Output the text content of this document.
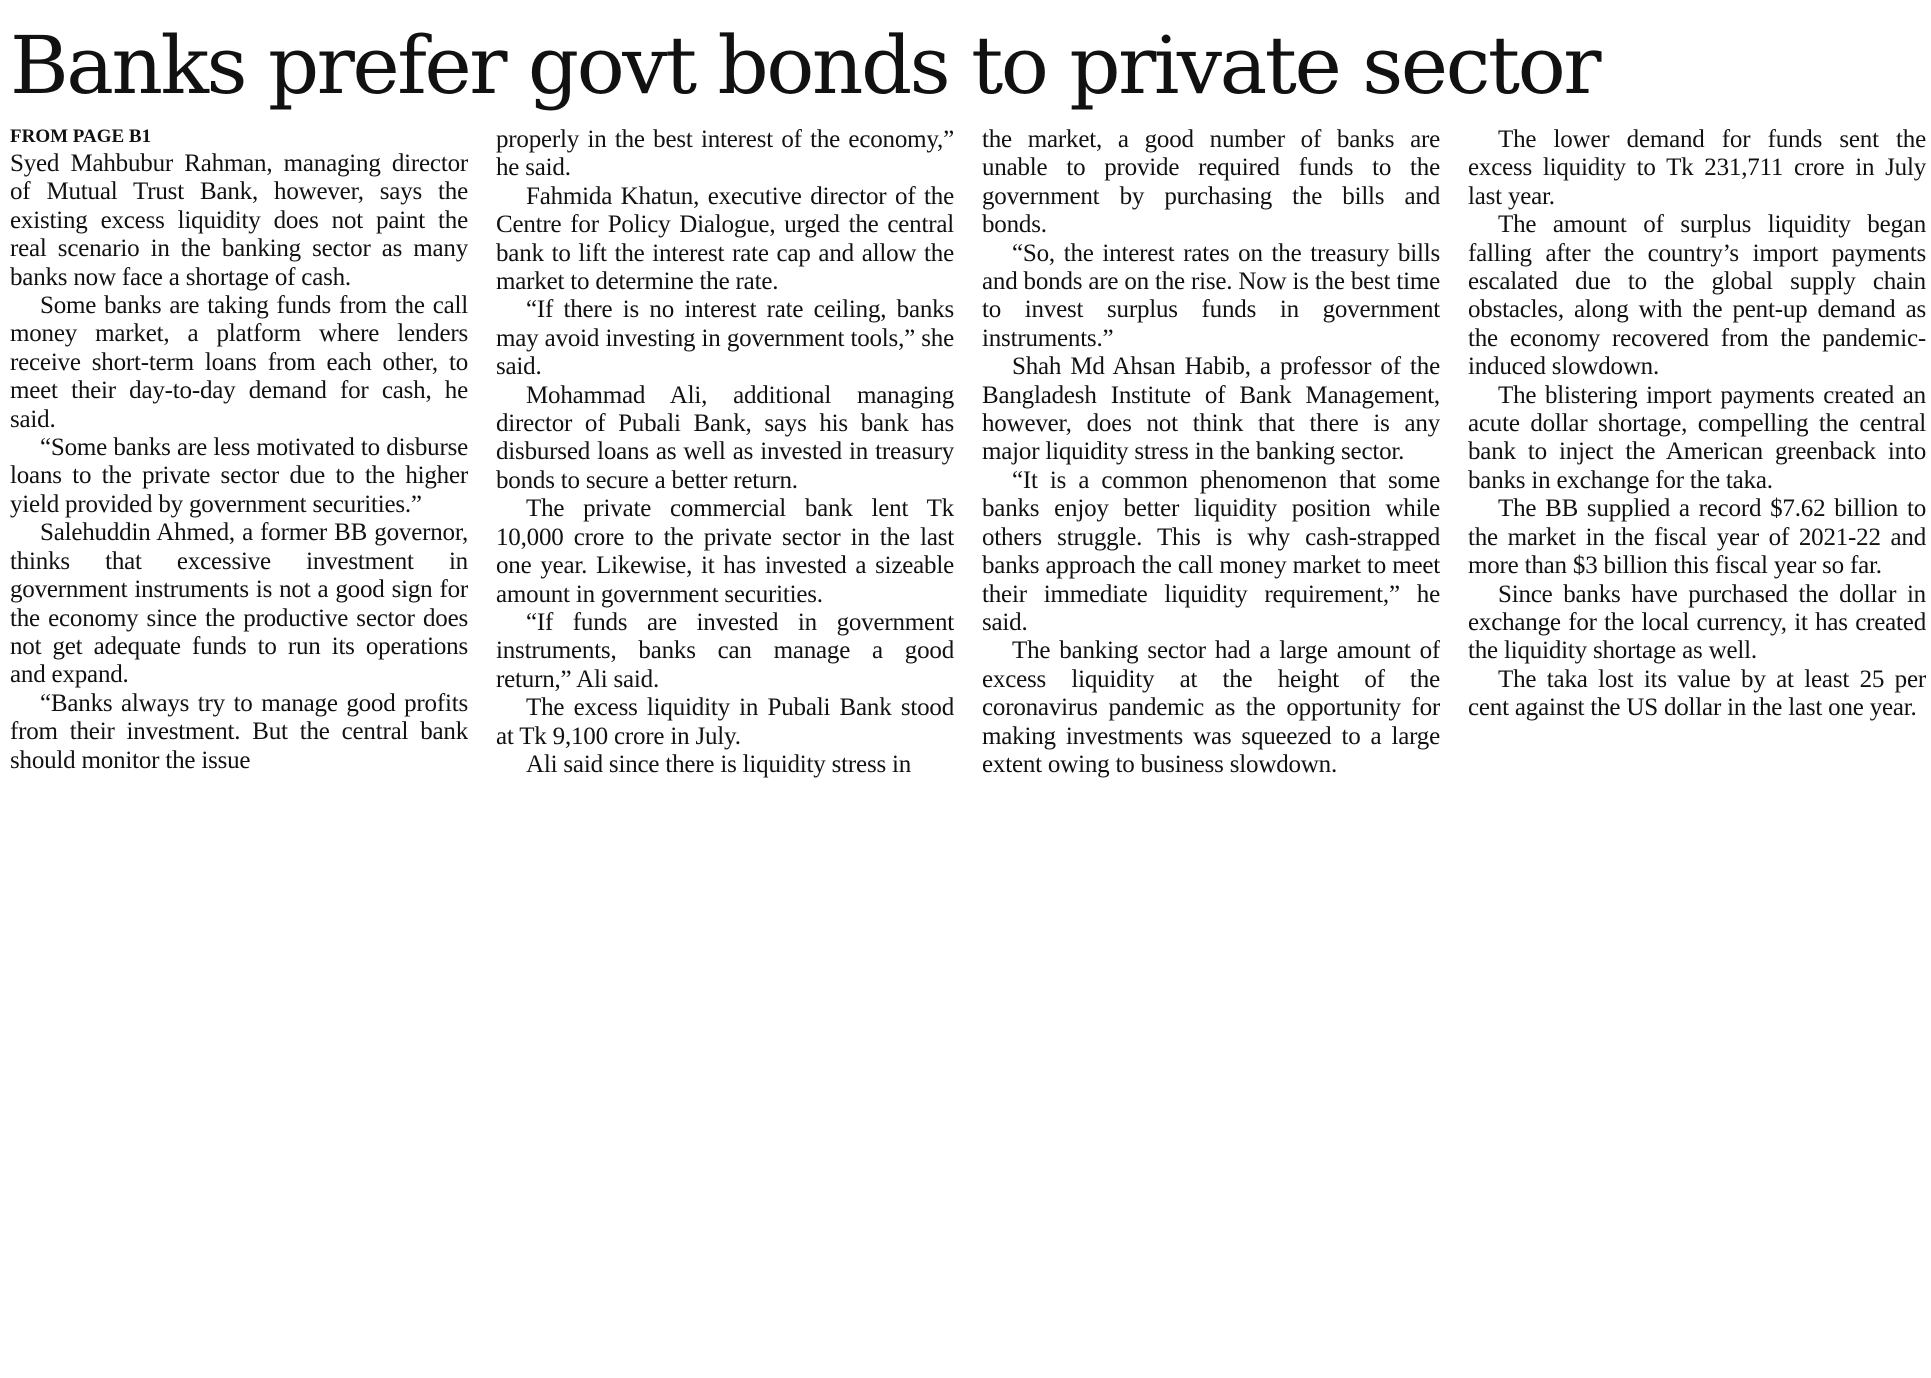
Banks prefer govt bonds to private sector
FROM PAGE B1

Syed Mahbubur Rahman, managing director of Mutual Trust Bank, however, says the existing excess liquidity does not paint the real scenario in the banking sector as many banks now face a shortage of cash.

Some banks are taking funds from the call money market, a platform where lenders receive short-term loans from each other, to meet their day-to-day demand for cash, he said.

“Some banks are less motivated to disburse loans to the private sector due to the higher yield provided by government securities.”

Salehuddin Ahmed, a former BB governor, thinks that excessive investment in government instruments is not a good sign for the economy since the productive sector does not get adequate funds to run its operations and expand.

“Banks always try to manage good profits from their investment. But the central bank should monitor the issue

properly in the best interest of the economy,” he said.

Fahmida Khatun, executive director of the Centre for Policy Dialogue, urged the central bank to lift the interest rate cap and allow the market to determine the rate.

“If there is no interest rate ceiling, banks may avoid investing in government tools,” she said.

Mohammad Ali, additional managing director of Pubali Bank, says his bank has disbursed loans as well as invested in treasury bonds to secure a better return.

The private commercial bank lent Tk 10,000 crore to the private sector in the last one year. Likewise, it has invested a sizeable amount in government securities.

“If funds are invested in government instruments, banks can manage a good return,” Ali said.

The excess liquidity in Pubali Bank stood at Tk 9,100 crore in July.

Ali said since there is liquidity stress in

the market, a good number of banks are unable to provide required funds to the government by purchasing the bills and bonds.

“So, the interest rates on the treasury bills and bonds are on the rise. Now is the best time to invest surplus funds in government instruments.”

Shah Md Ahsan Habib, a professor of the Bangladesh Institute of Bank Management, however, does not think that there is any major liquidity stress in the banking sector.

“It is a common phenomenon that some banks enjoy better liquidity position while others struggle. This is why cash-strapped banks approach the call money market to meet their immediate liquidity requirement,” he said.

The banking sector had a large amount of excess liquidity at the height of the coronavirus pandemic as the opportunity for making investments was squeezed to a large extent owing to business slowdown.

The lower demand for funds sent the excess liquidity to Tk 231,711 crore in July last year.

The amount of surplus liquidity began falling after the country’s import payments escalated due to the global supply chain obstacles, along with the pent-up demand as the economy recovered from the pandemic-induced slowdown.

The blistering import payments created an acute dollar shortage, compelling the central bank to inject the American greenback into banks in exchange for the taka.

The BB supplied a record $7.62 billion to the market in the fiscal year of 2021-22 and more than $3 billion this fiscal year so far.

Since banks have purchased the dollar in exchange for the local currency, it has created the liquidity shortage as well.

The taka lost its value by at least 25 per cent against the US dollar in the last one year.
